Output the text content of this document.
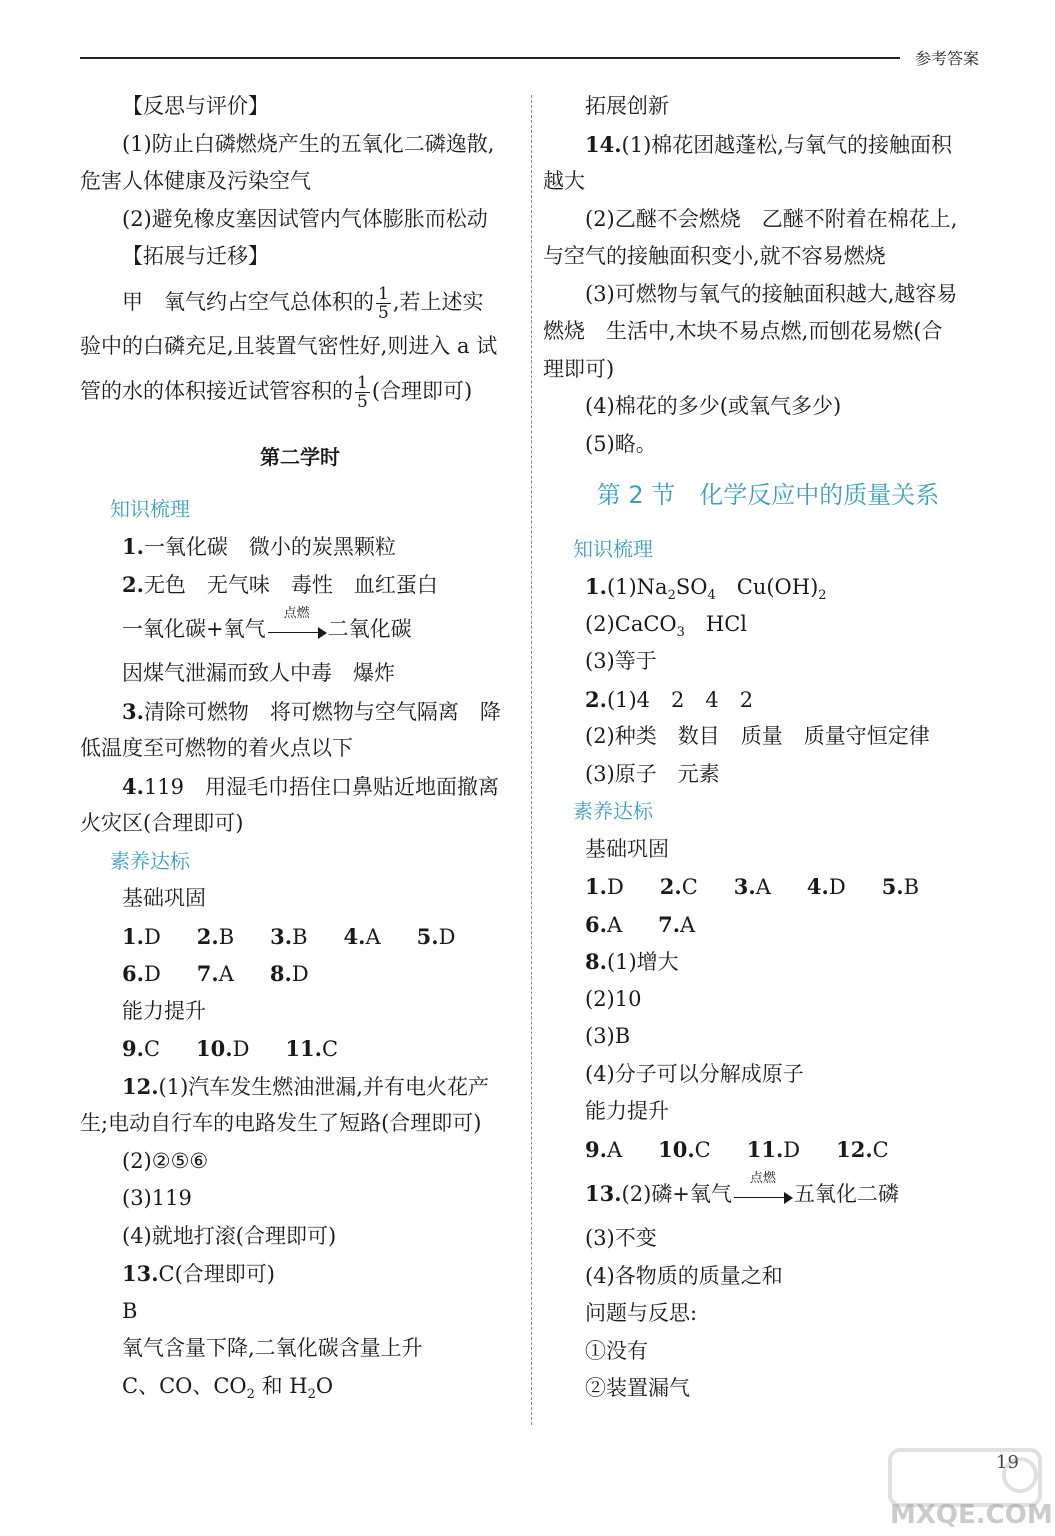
参考答案
【反思与评价】
(1)防止白磷燃烧产生的五氧化二磷逸散,
危害人体健康及污染空气
(2)避免橡皮塞因试管内气体膨胀而松动
【拓展与迁移】
甲　氧气约占空气总体积的 $\frac{1}{5}$ ,若上述实
验中的白磷充足,且装置气密性好,则进入 a 试
管的水的体积接近试管容积的 $\frac{1}{5}$ (合理即可)
第二学时
知识梳理
1.一氧化碳　微小的炭黑颗粒
2.无色　无气味　毒性　血红蛋白
一氧化碳+氧气
点燃
二氧化碳
因煤气泄漏而致人中毒　爆炸
3.清除可燃物　将可燃物与空气隔离　降
低温度至可燃物的着火点以下
4.119　用湿毛巾捂住口鼻贴近地面撤离
火灾区(合理即可)
素养达标
基础巩固
1.D 2.B 3.B 4.A 5.D
6.D 7.A 8.D
能力提升
9.C 10.D 11.C
12.(1)汽车发生燃油泄漏,并有电火花产
生;电动自行车的电路发生了短路(合理即可)
(2)②⑤⑥
(3)119
(4)就地打滚(合理即可)
13.C(合理即可)
B
氧气含量下降,二氧化碳含量上升
C、CO、$CO_2$ 和 $H_2O$
拓展创新
14.(1)棉花团越蓬松,与氧气的接触面积
越大
(2)乙醚不会燃烧　乙醚不附着在棉花上,
与空气的接触面积变小,就不容易燃烧
(3)可燃物与氧气的接触面积越大,越容易
燃烧　生活中,木块不易点燃,而刨花易燃(合
理即可)
(4)棉花的多少(或氧气多少)
(5)略。
第 2 节　化学反应中的质量关系
知识梳理
$1.(1)Na_2SO_4$　$Cu(OH)_2$
(2)CaCO$_3$　HCl
(3)等于
2.(1)4　2　4　2
(2)种类　数目　质量　质量守恒定律
(3)原子　元素
素养达标
基础巩固
1.D 2.C 3.A 4.D 5.B
6.A 7.A
8.(1)增大
(2)10
(3)B
(4)分子可以分解成原子
能力提升
9.A 10.C 11.D 12.C
13.(2)磷+氧气
点燃
五氧化二磷
(3)不变
(4)各物质的质量之和
问题与反思:
①没有
②装置漏气
19
MXQE.COM
